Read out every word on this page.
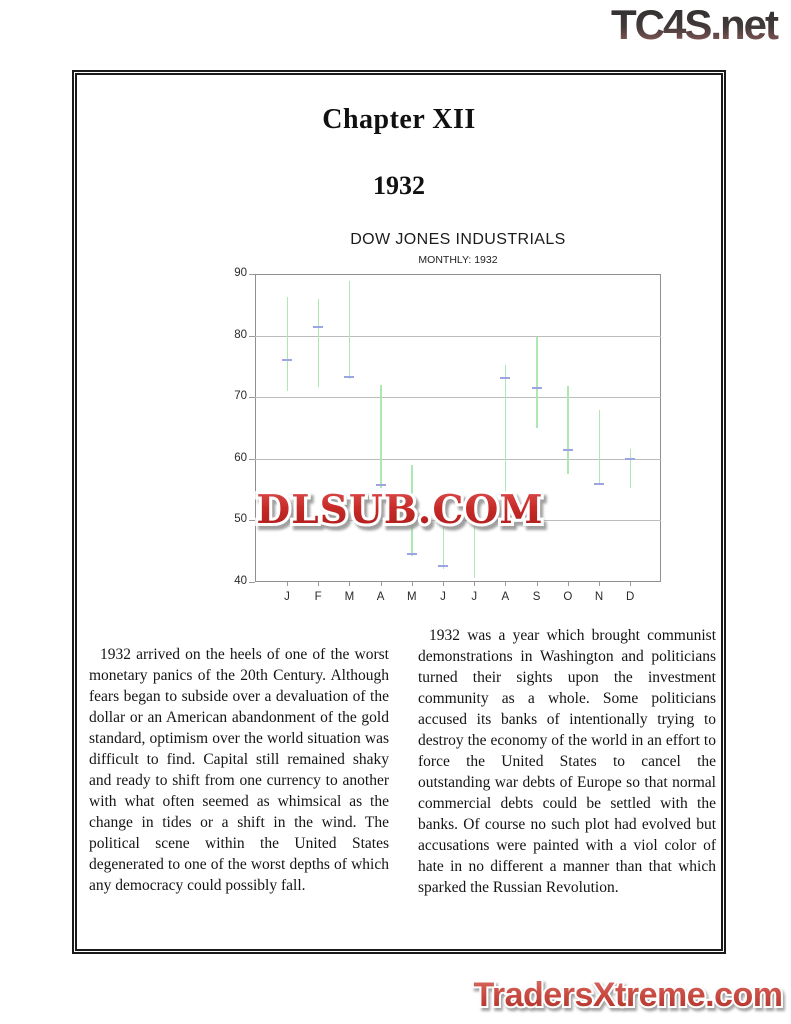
TC4S.net
Chapter XII
1932
DOW JONES INDUSTRIALS
MONTHLY: 1932
DLSUB.COM
1932 arrived on the heels of one of the worst monetary panics of the 20th Century. Although fears began to subside over a devaluation of the dollar or an American abandonment of the gold standard, optimism over the world situation was difficult to find. Capital still remained shaky and ready to shift from one currency to another with what often seemed as whimsical as the change in tides or a shift in the wind. The political scene within the United States degenerated to one of the worst depths of which any democracy could possibly fall.
1932 was a year which brought communist demonstrations in Washington and politicians turned their sights upon the investment community as a whole. Some politicians accused its banks of intentionally trying to destroy the economy of the world in an effort to force the United States to cancel the outstanding war debts of Europe so that normal commercial debts could be settled with the banks. Of course no such plot had evolved but accusations were painted with a viol color of hate in no different a manner than that which sparked the Russian Revolution.
40
50
60
70
80
90
J	F	M	A	M	J	J	A	S	O	N	D
TradersXtreme.com
